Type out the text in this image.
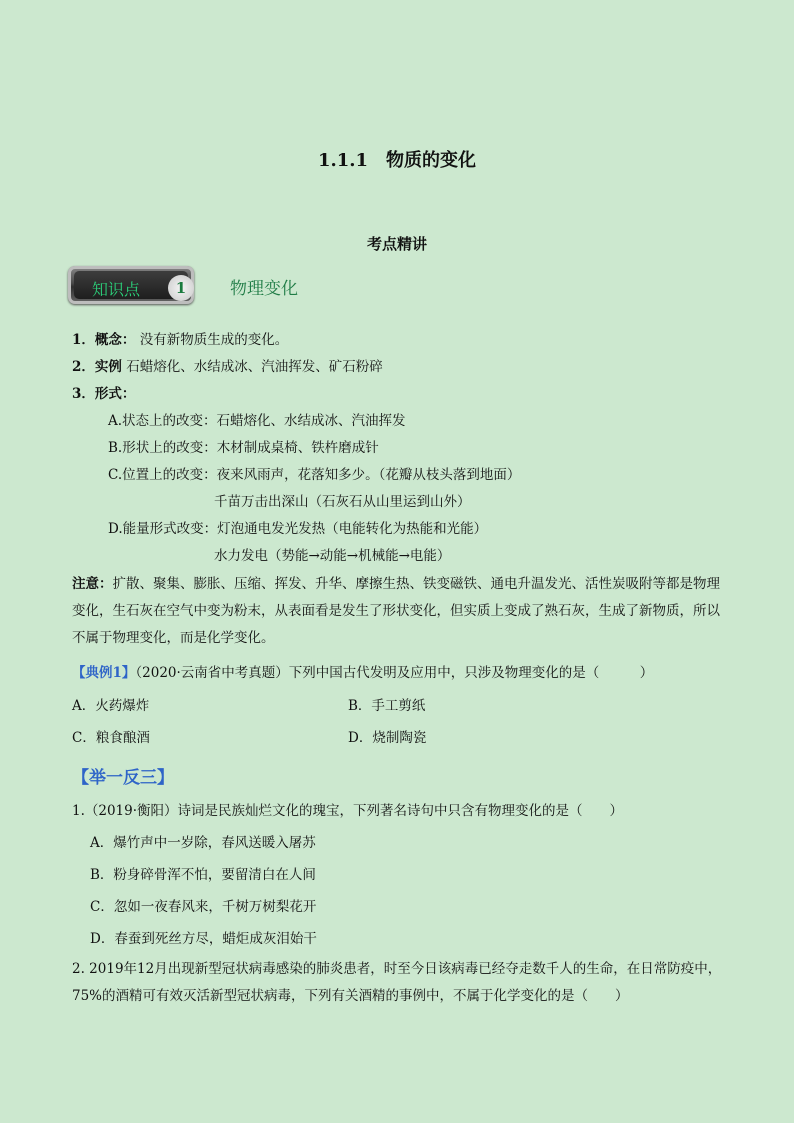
1.1.1　物质的变化
考点精讲
知识点	1	物理变化
1．概念： 没有新物质生成的变化。
2．实例 石蜡熔化、水结成冰、汽油挥发、矿石粉碎
3．形式：
A.状态上的改变：石蜡熔化、水结成冰、汽油挥发
B.形状上的改变：木材制成桌椅、铁杵磨成针
C.位置上的改变：夜来风雨声，花落知多少。（花瓣从枝头落到地面）
千苗万击出深山（石灰石从山里运到山外）
D.能量形式改变：灯泡通电发光发热（电能转化为热能和光能）
水力发电（势能→动能→机械能→电能）
注意：扩散、聚集、膨胀、压缩、挥发、升华、摩擦生热、铁变磁铁、通电升温发光、活性炭吸附等都是物理变化，生石灰在空气中变为粉末，从表面看是发生了形状变化，但实质上变成了熟石灰，生成了新物质，所以不属于物理变化，而是化学变化。
【典例1】（2020·云南省中考真题）下列中国古代发明及应用中，只涉及物理变化的是（　　　）
A．火药爆炸	B．手工剪纸
C．粮食酿酒	D．烧制陶瓷
【举一反三】
1.（2019·衡阳）诗词是民族灿烂文化的瑰宝，下列著名诗句中只含有物理变化的是（　　）
A．爆竹声中一岁除，春风送暖入屠苏
B．粉身碎骨浑不怕，要留清白在人间
C．忽如一夜春风来，千树万树梨花开
D．春蚕到死丝方尽，蜡炬成灰泪始干
2. 2019年12月出现新型冠状病毒感染的肺炎患者，时至今日该病毒已经夺走数千人的生命，在日常防疫中，75%的酒精可有效灭活新型冠状病毒，下列有关酒精的事例中，不属于化学变化的是（　　）
